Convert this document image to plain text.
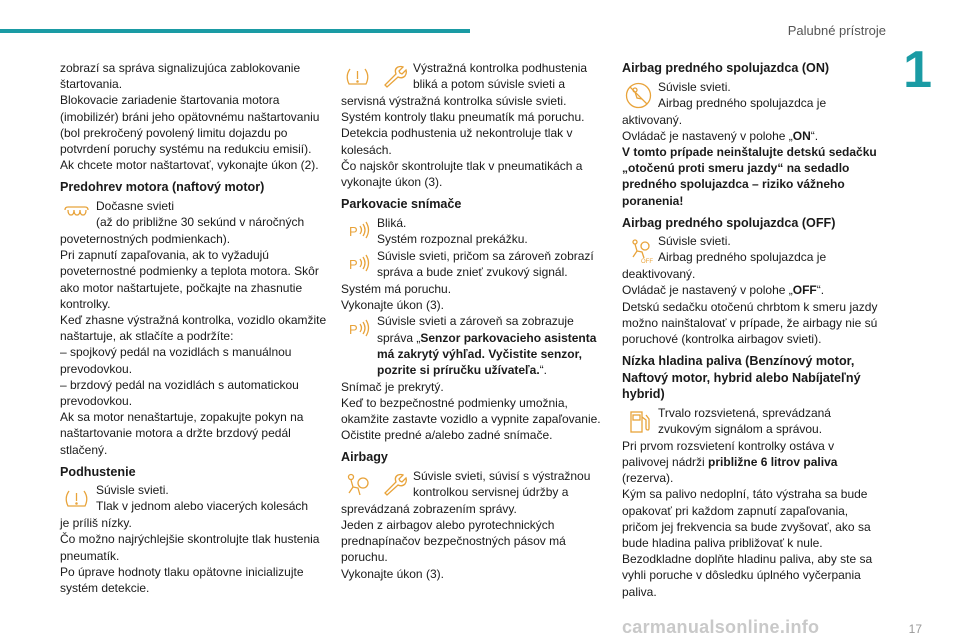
Palubné prístroje
1

zobrazí sa správa signalizujúca zablokovanie štartovania.

Blokovacie zariadenie štartovania motora (imobilizér) bráni jeho opätovnému naštartovaniu (bol prekročený povolený limitu dojazdu po potvrdení poruchy systému na redukciu emisií).

Ak chcete motor naštartovať, vykonajte úkon (2).

Predohrev motora (naftový motor)

Dočasne svieti

(až do približne 30 sekúnd v náročných

poveternostných podmienkach).

Pri zapnutí zapaľovania, ak to vyžadujú poveternostné podmienky a teplota motora. Skôr ako motor naštartujete, počkajte na zhasnutie kontrolky.

Keď zhasne výstražná kontrolka, vozidlo okamžite naštartuje, ak stlačíte a podržíte:

– spojkový pedál na vozidlách s manuálnou prevodovkou.

– brzdový pedál na vozidlách s automatickou prevodovkou.

Ak sa motor nenaštartuje, zopakujte pokyn na naštartovanie motora a držte brzdový pedál stlačený.

Podhustenie

Súvisle svieti.

Tlak v jednom alebo viacerých kolesách

je príliš nízky.

Čo možno najrýchlejšie skontrolujte tlak hustenia pneumatík.

Po úprave hodnoty tlaku opätovne inicializujte systém detekcie.

Výstražná kontrolka podhustenia

bliká a potom súvisle svieti a

servisná výstražná kontrolka súvisle svieti.

Systém kontroly tlaku pneumatík má poruchu. Detekcia podhustenia už nekontroluje tlak v kolesách.

Čo najskôr skontrolujte tlak v pneumatikách a vykonajte úkon (3).

Parkovacie snímače
P

Bliká.

Systém rozpoznal prekážku.

P

Súvisle svieti, pričom sa zároveň zobrazí

správa a bude znieť zvukový signál.

Systém má poruchu.

Vykonajte úkon (3).

P

Súvisle svieti a zároveň sa zobrazuje

správa „Senzor parkovacieho asistenta má zakrytý výhľad. Vyčistite senzor, pozrite si príručku užívateľa.“.

Snímač je prekrytý.

Keď to bezpečnostné podmienky umožnia, okamžite zastavte vozidlo a vypnite zapaľovanie.

Očistite predné a/alebo zadné snímače.

Airbagy

Súvisle svieti, súvisí s výstražnou

kontrolkou servisnej údržby a

sprevádzaná zobrazením správy.

Jeden z airbagov alebo pyrotechnických prednapínačov bezpečnostných pásov má poruchu.

Vykonajte úkon (3).

Airbag predného spolujazdca (ON)

Súvisle svieti.

Airbag predného spolujazdca je

aktivovaný.

Ovládač je nastavený v polohe „ON“.

V tomto prípade neinštalujte detskú sedačku „otočenú proti smeru jazdy“ na sedadlo predného spolujazdca – riziko vážneho poranenia!

Airbag predného spolujazdca (OFF)
OFF

Súvisle svieti.

Airbag predného spolujazdca je

deaktivovaný.

Ovládač je nastavený v polohe „OFF“.

Detskú sedačku otočenú chrbtom k smeru jazdy možno nainštalovať v prípade, že airbagy nie sú poruchové (kontrolka airbagov svieti).

Nízka hladina paliva (Benzínový motor, Naftový motor, hybrid alebo Nabíjateľný hybrid)

Trvalo rozsvietená, sprevádzaná

zvukovým signálom a správou.

Pri prvom rozsvietení kontrolky ostáva v palivovej nádrži približne 6 litrov paliva (rezerva).

Kým sa palivo nedoplní, táto výstraha sa bude opakovať pri každom zapnutí zapaľovania, pričom jej frekvencia sa bude zvyšovať, ako sa bude hladina paliva približovať k nule.

Bezodkladne doplňte hladinu paliva, aby ste sa vyhli poruche v dôsledku úplného vyčerpania paliva.

carmanualsonline.info	17
